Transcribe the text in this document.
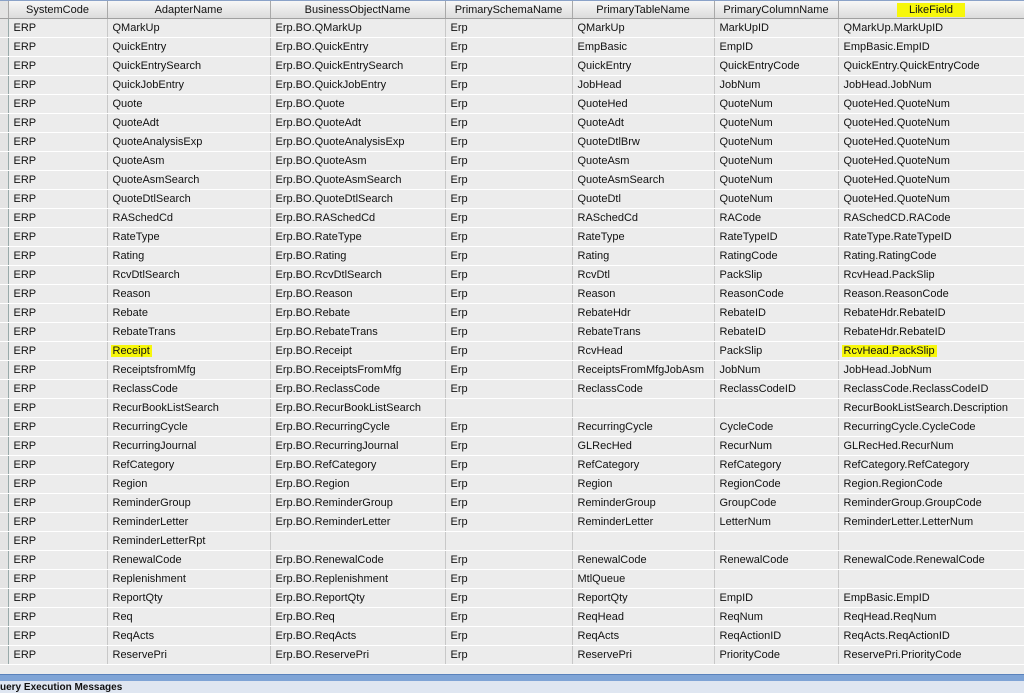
	SystemCode	AdapterName	BusinessObjectName	PrimarySchemaName	PrimaryTableName	PrimaryColumnName	LikeField
	ERP	QMarkUp	Erp.BO.QMarkUp	Erp	QMarkUp	MarkUpID	QMarkUp.MarkUpID
	ERP	QuickEntry	Erp.BO.QuickEntry	Erp	EmpBasic	EmpID	EmpBasic.EmpID
	ERP	QuickEntrySearch	Erp.BO.QuickEntrySearch	Erp	QuickEntry	QuickEntryCode	QuickEntry.QuickEntryCode
	ERP	QuickJobEntry	Erp.BO.QuickJobEntry	Erp	JobHead	JobNum	JobHead.JobNum
	ERP	Quote	Erp.BO.Quote	Erp	QuoteHed	QuoteNum	QuoteHed.QuoteNum
	ERP	QuoteAdt	Erp.BO.QuoteAdt	Erp	QuoteAdt	QuoteNum	QuoteHed.QuoteNum
	ERP	QuoteAnalysisExp	Erp.BO.QuoteAnalysisExp	Erp	QuoteDtlBrw	QuoteNum	QuoteHed.QuoteNum
	ERP	QuoteAsm	Erp.BO.QuoteAsm	Erp	QuoteAsm	QuoteNum	QuoteHed.QuoteNum
	ERP	QuoteAsmSearch	Erp.BO.QuoteAsmSearch	Erp	QuoteAsmSearch	QuoteNum	QuoteHed.QuoteNum
	ERP	QuoteDtlSearch	Erp.BO.QuoteDtlSearch	Erp	QuoteDtl	QuoteNum	QuoteHed.QuoteNum
	ERP	RASchedCd	Erp.BO.RASchedCd	Erp	RASchedCd	RACode	RASchedCD.RACode
	ERP	RateType	Erp.BO.RateType	Erp	RateType	RateTypeID	RateType.RateTypeID
	ERP	Rating	Erp.BO.Rating	Erp	Rating	RatingCode	Rating.RatingCode
	ERP	RcvDtlSearch	Erp.BO.RcvDtlSearch	Erp	RcvDtl	PackSlip	RcvHead.PackSlip
	ERP	Reason	Erp.BO.Reason	Erp	Reason	ReasonCode	Reason.ReasonCode
	ERP	Rebate	Erp.BO.Rebate	Erp	RebateHdr	RebateID	RebateHdr.RebateID
	ERP	RebateTrans	Erp.BO.RebateTrans	Erp	RebateTrans	RebateID	RebateHdr.RebateID
	ERP	Receipt	Erp.BO.Receipt	Erp	RcvHead	PackSlip	RcvHead.PackSlip
	ERP	ReceiptsfromMfg	Erp.BO.ReceiptsFromMfg	Erp	ReceiptsFromMfgJobAsm	JobNum	JobHead.JobNum
	ERP	ReclassCode	Erp.BO.ReclassCode	Erp	ReclassCode	ReclassCodeID	ReclassCode.ReclassCodeID
	ERP	RecurBookListSearch	Erp.BO.RecurBookListSearch				RecurBookListSearch.Description
	ERP	RecurringCycle	Erp.BO.RecurringCycle	Erp	RecurringCycle	CycleCode	RecurringCycle.CycleCode
	ERP	RecurringJournal	Erp.BO.RecurringJournal	Erp	GLRecHed	RecurNum	GLRecHed.RecurNum
	ERP	RefCategory	Erp.BO.RefCategory	Erp	RefCategory	RefCategory	RefCategory.RefCategory
	ERP	Region	Erp.BO.Region	Erp	Region	RegionCode	Region.RegionCode
	ERP	ReminderGroup	Erp.BO.ReminderGroup	Erp	ReminderGroup	GroupCode	ReminderGroup.GroupCode
	ERP	ReminderLetter	Erp.BO.ReminderLetter	Erp	ReminderLetter	LetterNum	ReminderLetter.LetterNum
	ERP	ReminderLetterRpt					
	ERP	RenewalCode	Erp.BO.RenewalCode	Erp	RenewalCode	RenewalCode	RenewalCode.RenewalCode
	ERP	Replenishment	Erp.BO.Replenishment	Erp	MtlQueue		
	ERP	ReportQty	Erp.BO.ReportQty	Erp	ReportQty	EmpID	EmpBasic.EmpID
	ERP	Req	Erp.BO.Req	Erp	ReqHead	ReqNum	ReqHead.ReqNum
	ERP	ReqActs	Erp.BO.ReqActs	Erp	ReqActs	ReqActionID	ReqActs.ReqActionID
	ERP	ReservePri	Erp.BO.ReservePri	Erp	ReservePri	PriorityCode	ReservePri.PriorityCode
uery Execution Messages
